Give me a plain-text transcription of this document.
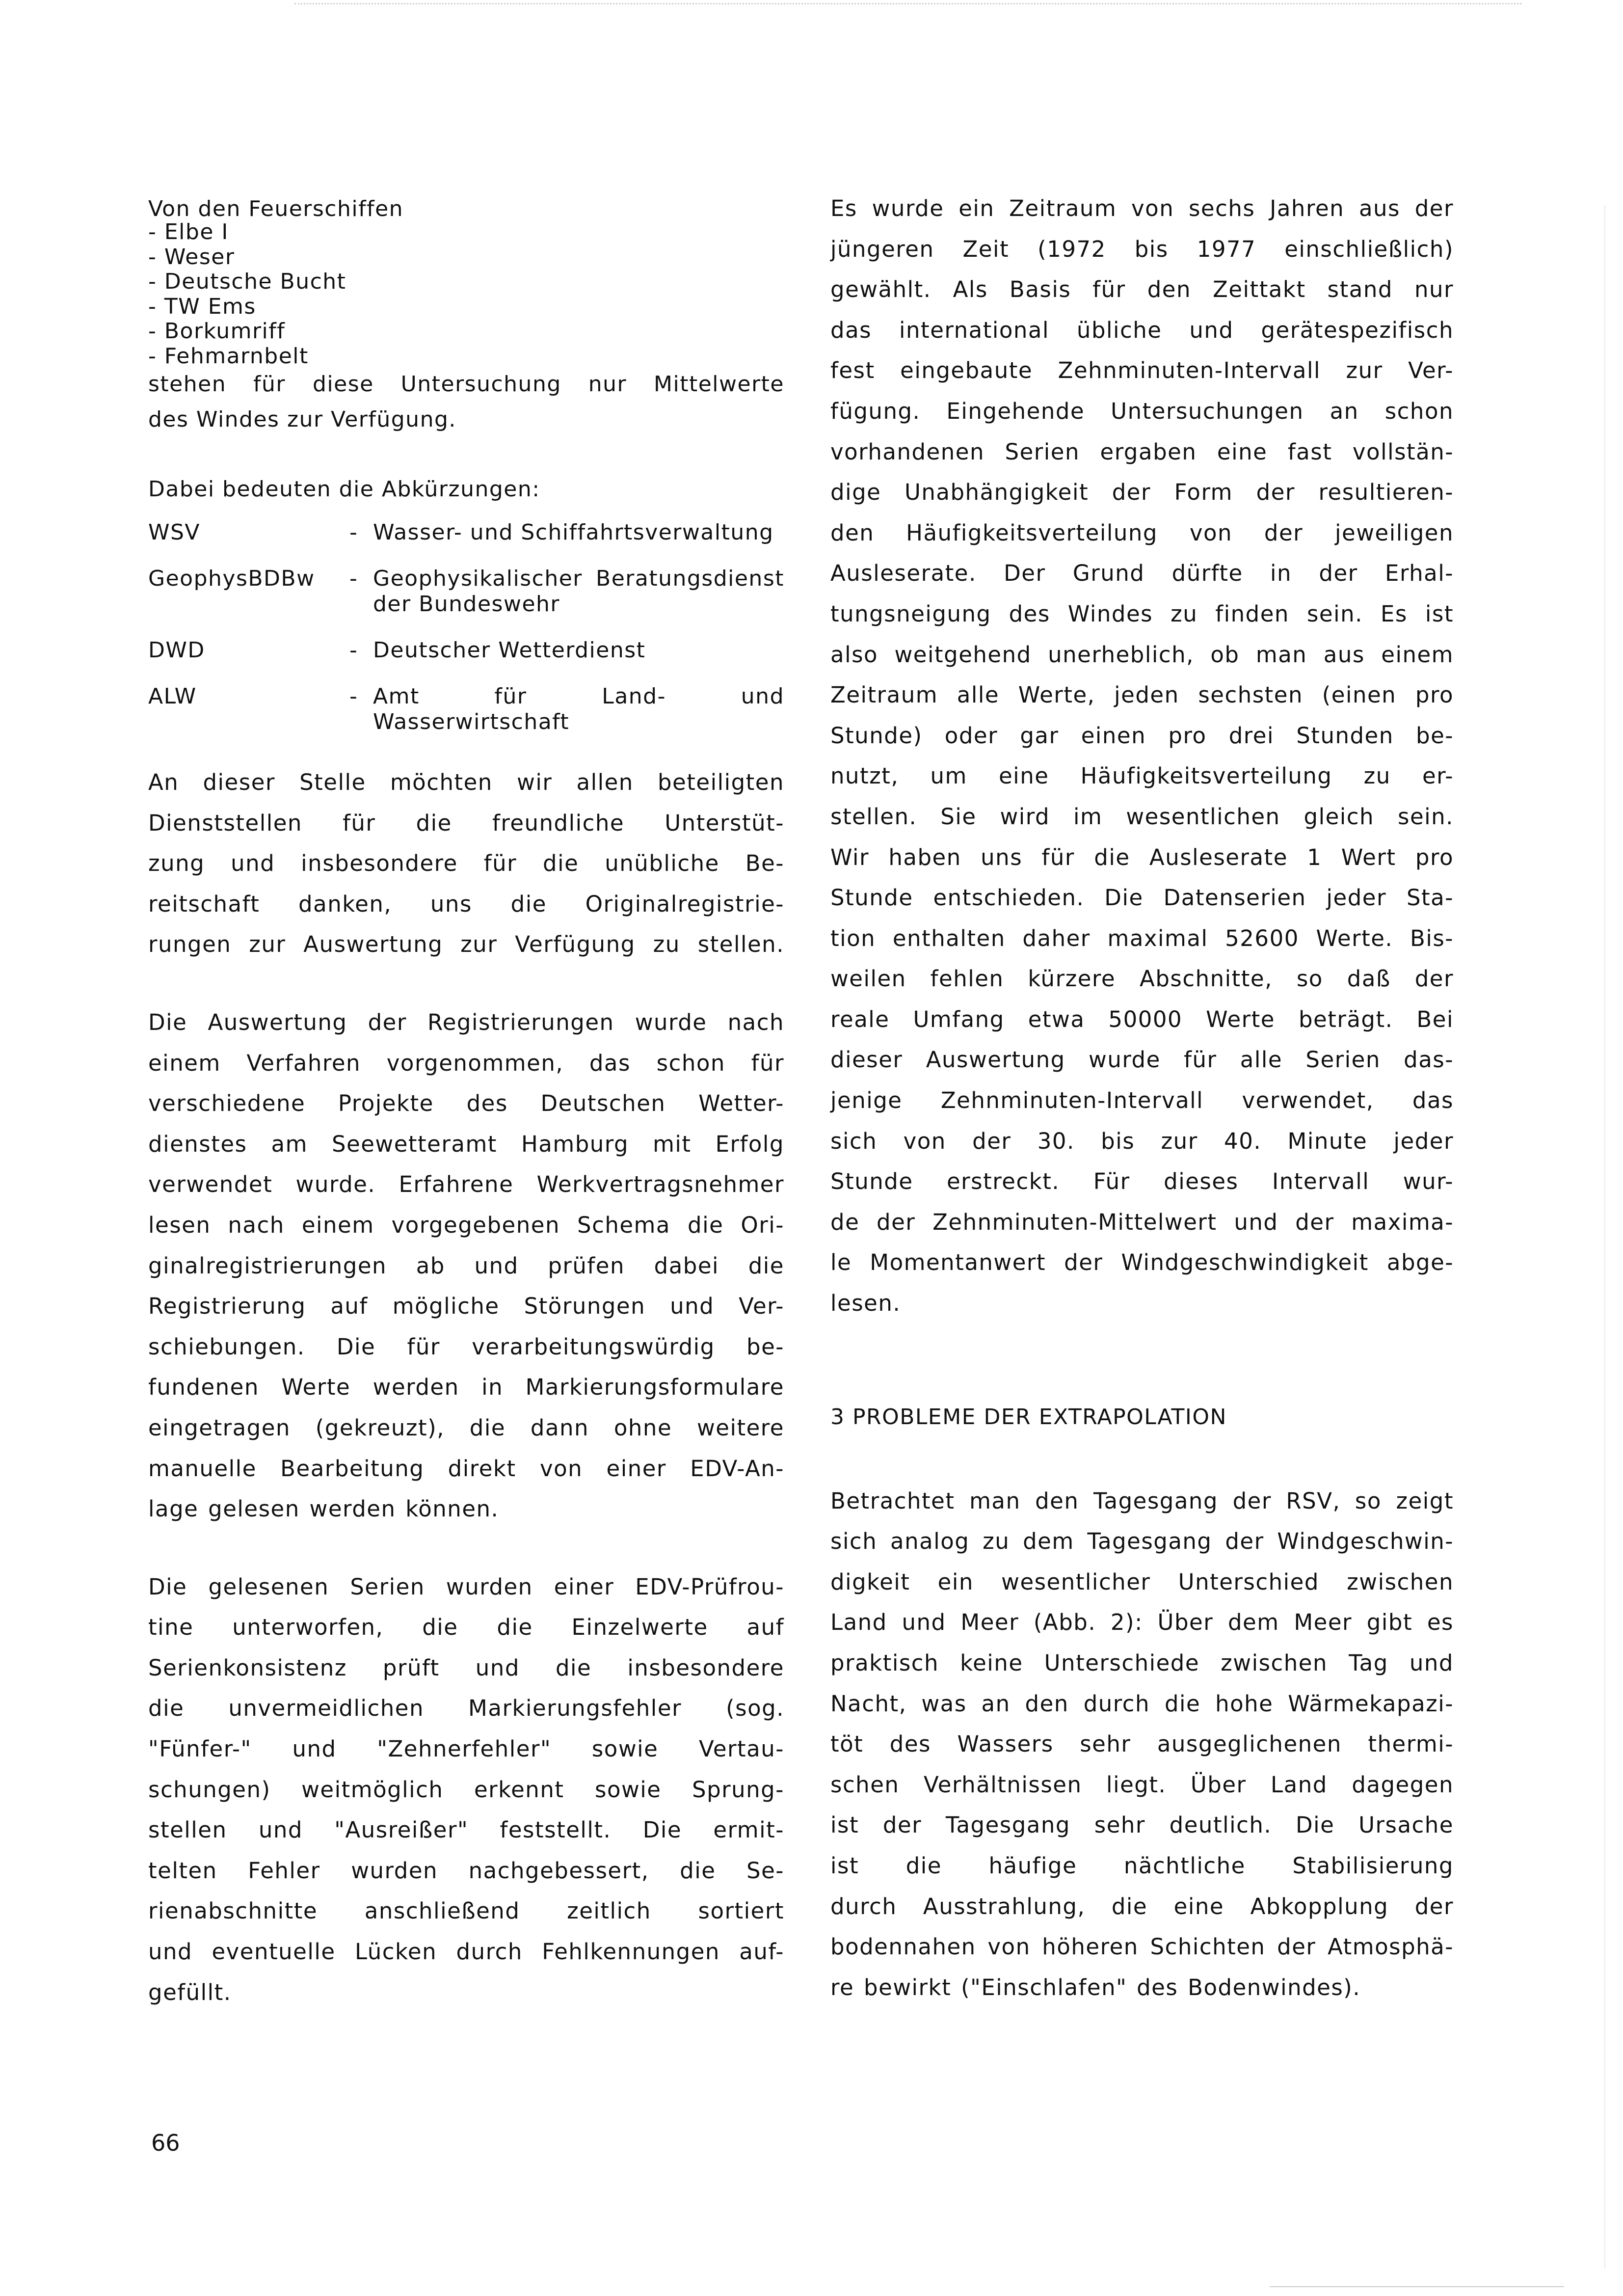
Von den Feuerschiffen

- Elbe I
- Weser
- Deutsche Bucht
- TW Ems
- Borkumriff
- Fehmarnbelt
stehen für diese Untersuchung nur Mittelwerte
des Windes zur Verfügung.

Dabei bedeuten die Abkürzungen:

WSV	- Wasser- und Schiffahrtsverwaltung
GeophysBDBw	- Geophysikalischer Beratungsdienst der Bundeswehr
DWD	- Deutscher Wetterdienst
ALW	- Amt für Land- und Wasserwirtschaft
An dieser Stelle möchten wir allen beteiligten
Dienststellen für die freundliche Unterstüt-
zung und insbesondere für die unübliche Be-
reitschaft danken, uns die Originalregistrie-
rungen zur Auswertung zur Verfügung zu stellen.
Die Auswertung der Registrierungen wurde nach
einem Verfahren vorgenommen, das schon für
verschiedene Projekte des Deutschen Wetter-
dienstes am Seewetteramt Hamburg mit Erfolg
verwendet wurde. Erfahrene Werkvertragsnehmer
lesen nach einem vorgegebenen Schema die Ori-
ginalregistrierungen ab und prüfen dabei die
Registrierung auf mögliche Störungen und Ver-
schiebungen. Die für verarbeitungswürdig be-
fundenen Werte werden in Markierungsformulare
eingetragen (gekreuzt), die dann ohne weitere
manuelle Bearbeitung direkt von einer EDV-An-
lage gelesen werden können.
Die gelesenen Serien wurden einer EDV-Prüfrou-
tine unterworfen, die die Einzelwerte auf
Serienkonsistenz prüft und die insbesondere
die unvermeidlichen Markierungsfehler (sog.
"Fünfer-" und "Zehnerfehler" sowie Vertau-
schungen) weitmöglich erkennt sowie Sprung-
stellen und "Ausreißer" feststellt. Die ermit-
telten Fehler wurden nachgebessert, die Se-
rienabschnitte anschließend zeitlich sortiert
und eventuelle Lücken durch Fehlkennungen auf-
gefüllt.
Es wurde ein Zeitraum von sechs Jahren aus der
jüngeren Zeit (1972 bis 1977 einschließlich)
gewählt. Als Basis für den Zeittakt stand nur
das international übliche und gerätespezifisch
fest eingebaute Zehnminuten-Intervall zur Ver-
fügung. Eingehende Untersuchungen an schon
vorhandenen Serien ergaben eine fast vollstän-
dige Unabhängigkeit der Form der resultieren-
den Häufigkeitsverteilung von der jeweiligen
Ausleserate. Der Grund dürfte in der Erhal-
tungsneigung des Windes zu finden sein. Es ist
also weitgehend unerheblich, ob man aus einem
Zeitraum alle Werte, jeden sechsten (einen pro
Stunde) oder gar einen pro drei Stunden be-
nutzt, um eine Häufigkeitsverteilung zu er-
stellen. Sie wird im wesentlichen gleich sein.
Wir haben uns für die Ausleserate 1 Wert pro
Stunde entschieden. Die Datenserien jeder Sta-
tion enthalten daher maximal 52600 Werte. Bis-
weilen fehlen kürzere Abschnitte, so daß der
reale Umfang etwa 50000 Werte beträgt. Bei
dieser Auswertung wurde für alle Serien das-
jenige Zehnminuten-Intervall verwendet, das
sich von der 30. bis zur 40. Minute jeder
Stunde erstreckt. Für dieses Intervall wur-
de der Zehnminuten-Mittelwert und der maxima-
le Momentanwert der Windgeschwindigkeit abge-
lesen.

3 PROBLEME DER EXTRAPOLATION

Betrachtet man den Tagesgang der RSV, so zeigt
sich analog zu dem Tagesgang der Windgeschwin-
digkeit ein wesentlicher Unterschied zwischen
Land und Meer (Abb. 2): Über dem Meer gibt es
praktisch keine Unterschiede zwischen Tag und
Nacht, was an den durch die hohe Wärmekapazi-
töt des Wassers sehr ausgeglichenen thermi-
schen Verhältnissen liegt. Über Land dagegen
ist der Tagesgang sehr deutlich. Die Ursache
ist die häufige nächtliche Stabilisierung
durch Ausstrahlung, die eine Abkopplung der
bodennahen von höheren Schichten der Atmosphä-
re bewirkt ("Einschlafen" des Bodenwindes).
66
